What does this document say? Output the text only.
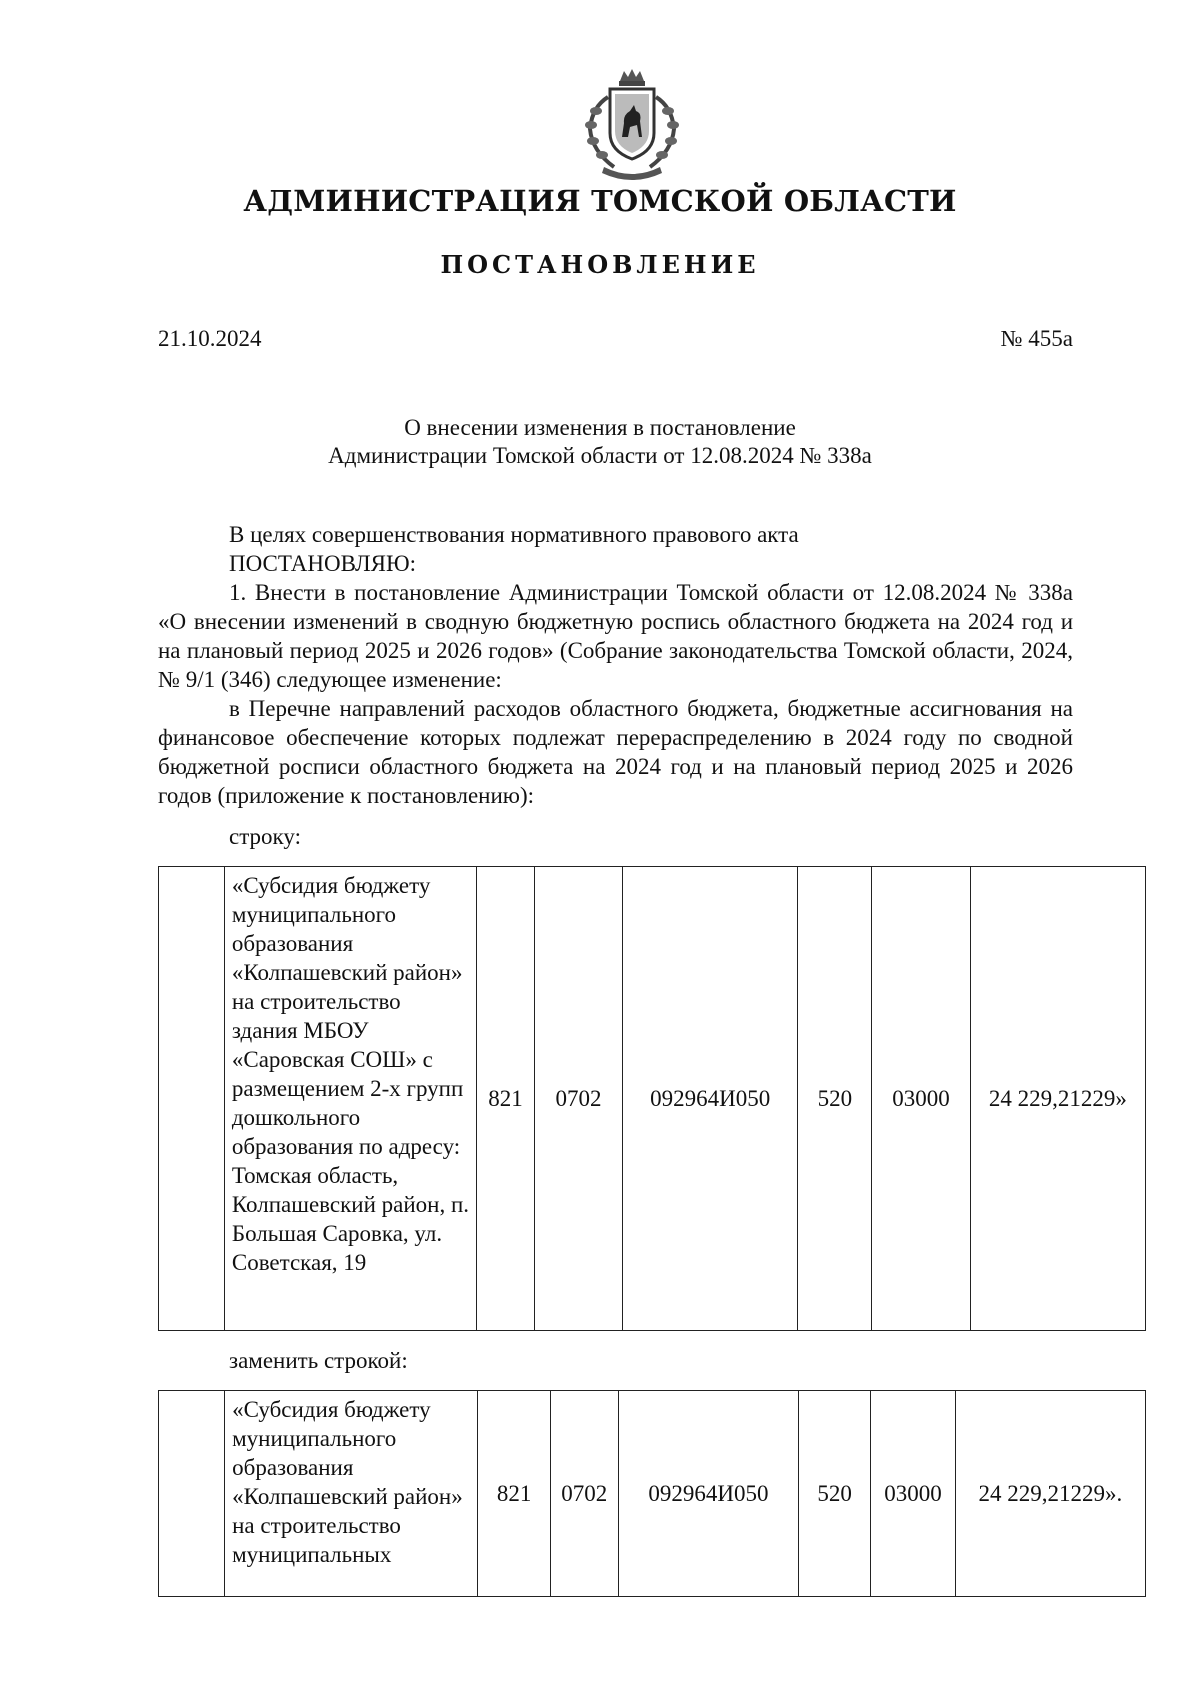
АДМИНИСТРАЦИЯ ТОМСКОЙ ОБЛАСТИ
ПОСТАНОВЛЕНИЕ
21.10.2024	№ 455а
О внесении изменения в постановление
Администрации Томской области от 12.08.2024 № 338а

В целях совершенствования нормативного правового акта

ПОСТАНОВЛЯЮ:

1. Внести в постановление Администрации Томской области от 12.08.2024 № 338а «О внесении изменений в сводную бюджетную роспись областного бюджета на 2024 год и на плановый период 2025 и 2026 годов» (Собрание законодательства Томской области, 2024, № 9/1 (346) следующее изменение:

в Перечне направлений расходов областного бюджета, бюджетные ассигнования на финансовое обеспечение которых подлежат перераспределению в 2024 году по сводной бюджетной росписи областного бюджета на 2024 год и на плановый период 2025 и 2026 годов (приложение к постановлению):

строку:
	«Субсидия бюджету муниципального образования «Колпашевский район» на строительство здания МБОУ «Саровская СОШ» с размещением 2-х групп дошкольного образования по адресу: Томская область, Колпашевский район, п. Большая Саровка, ул. Советская, 19	821	0702	092964И050	520	03000	24 229,21229»
заменить строкой:
	«Субсидия бюджету муниципального образования «Колпашевский район» на строительство муниципальных	821	0702	092964И050	520	03000	24 229,21229».
